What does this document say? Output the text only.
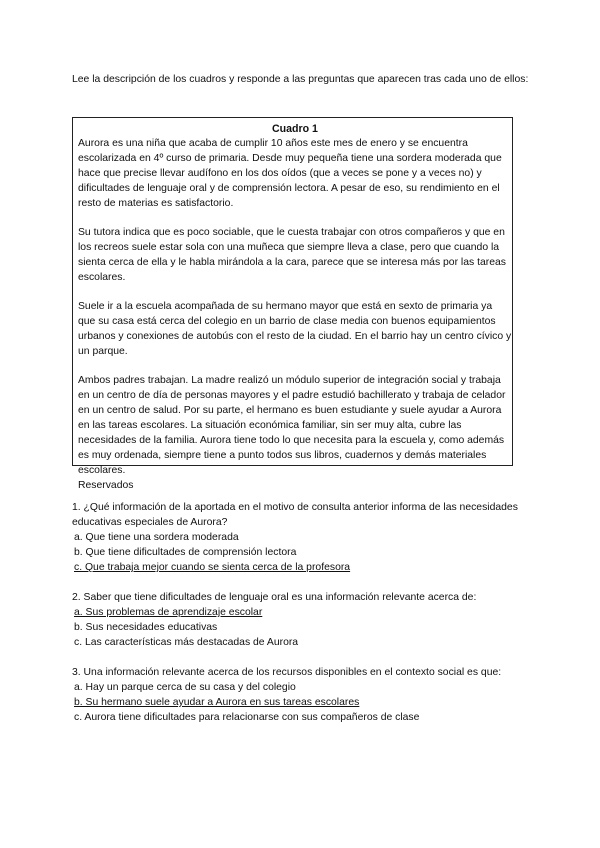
Lee la descripción de los cuadros y responde a las preguntas que aparecen tras cada uno de ellos:
Cuadro 1

Aurora es una niña que acaba de cumplir 10 años este mes de enero y se encuentra escolarizada en 4º curso de primaria. Desde muy pequeña tiene una sordera moderada que hace que precise llevar audífono en los dos oídos (que a veces se pone y a veces no) y dificultades de lenguaje oral y de comprensión lectora. A pesar de eso, su rendimiento en el resto de materias es satisfactorio.

Su tutora indica que es poco sociable, que le cuesta trabajar con otros compañeros y que en los recreos suele estar sola con una muñeca que siempre lleva a clase, pero que cuando la sienta cerca de ella y le habla mirándola a la cara, parece que se interesa más por las tareas escolares.

Suele ir a la escuela acompañada de su hermano mayor que está en sexto de primaria ya que su casa está cerca del colegio en un barrio de clase media con buenos equipamientos urbanos y conexiones de autobús con el resto de la ciudad. En el barrio hay un centro cívico y un parque.

Ambos padres trabajan. La madre realizó un módulo superior de integración social y trabaja en un centro de día de personas mayores y el padre estudió bachillerato y trabaja de celador en un centro de salud. Por su parte, el hermano es buen estudiante y suele ayudar a Aurora en las tareas escolares. La situación económica familiar, sin ser muy alta, cubre las necesidades de la familia. Aurora tiene todo lo que necesita para la escuela y, como además es muy ordenada, siempre tiene a punto todos sus libros, cuadernos y demás materiales escolares.

Reservados

1. ¿Qué información de la aportada en el motivo de consulta anterior informa de las necesidades educativas especiales de Aurora?

a. Que tiene una sordera moderada
b. Que tiene dificultades de comprensión lectora
c. Que trabaja mejor cuando se sienta cerca de la profesora

2. Saber que tiene dificultades de lenguaje oral es una información relevante acerca de:

a. Sus problemas de aprendizaje escolar
b. Sus necesidades educativas
c. Las características más destacadas de Aurora

3. Una información relevante acerca de los recursos disponibles en el contexto social es que:

a. Hay un parque cerca de su casa y del colegio
b. Su hermano suele ayudar a Aurora en sus tareas escolares
c. Aurora tiene dificultades para relacionarse con sus compañeros de clase
